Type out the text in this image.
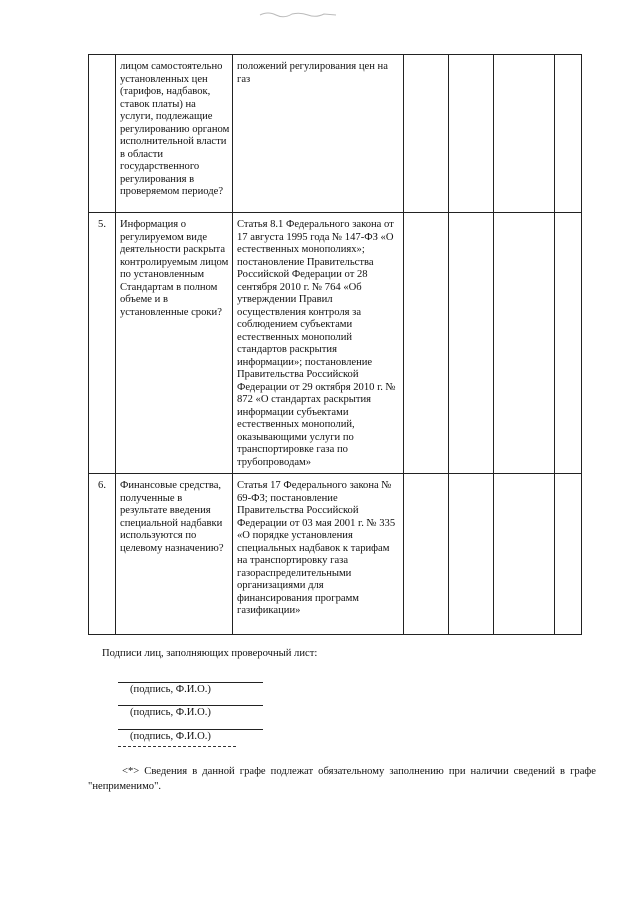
	лицом самостоятельно установленных цен (тарифов, надбавок, ставок платы) на услуги, подлежащие регулированию органом исполнительной власти в области государственного регулирования в проверяемом периоде?	положений регулирования цен на газ				
5.	Информация о регулируемом виде деятельности раскрыта контролируемым лицом по установленным Стандартам в полном объеме и в установленные сроки?	Статья 8.1 Федерального закона от 17 августа 1995 года № 147-ФЗ «О естественных монополиях»; постановление Правительства Российской Федерации от 28 сентября 2010 г. № 764 «Об утверждении Правил осуществления контроля за соблюдением субъектами естественных монополий стандартов раскрытия информации»; постановление Правительства Российской Федерации от 29 октября 2010 г. № 872 «О стандартах раскрытия информации субъектами естественных монополий, оказывающими услуги по транспортировке газа по трубопроводам»				
6.	Финансовые средства, полученные в результате введения специальной надбавки используются по целевому назначению?	Статья 17 Федерального закона № 69-ФЗ; постановление Правительства Российской Федерации от 03 мая 2001 г. № 335 «О порядке установления специальных надбавок к тарифам на транспортировку газа газораспределительными организациями для финансирования программ газификации»				
Подписи лиц, заполняющих проверочный лист:
(подпись, Ф.И.О.)
(подпись, Ф.И.О.)
(подпись, Ф.И.О.)
<*> Сведения в данной графе подлежат обязательному заполнению при наличии сведений в графе "неприменимо".
